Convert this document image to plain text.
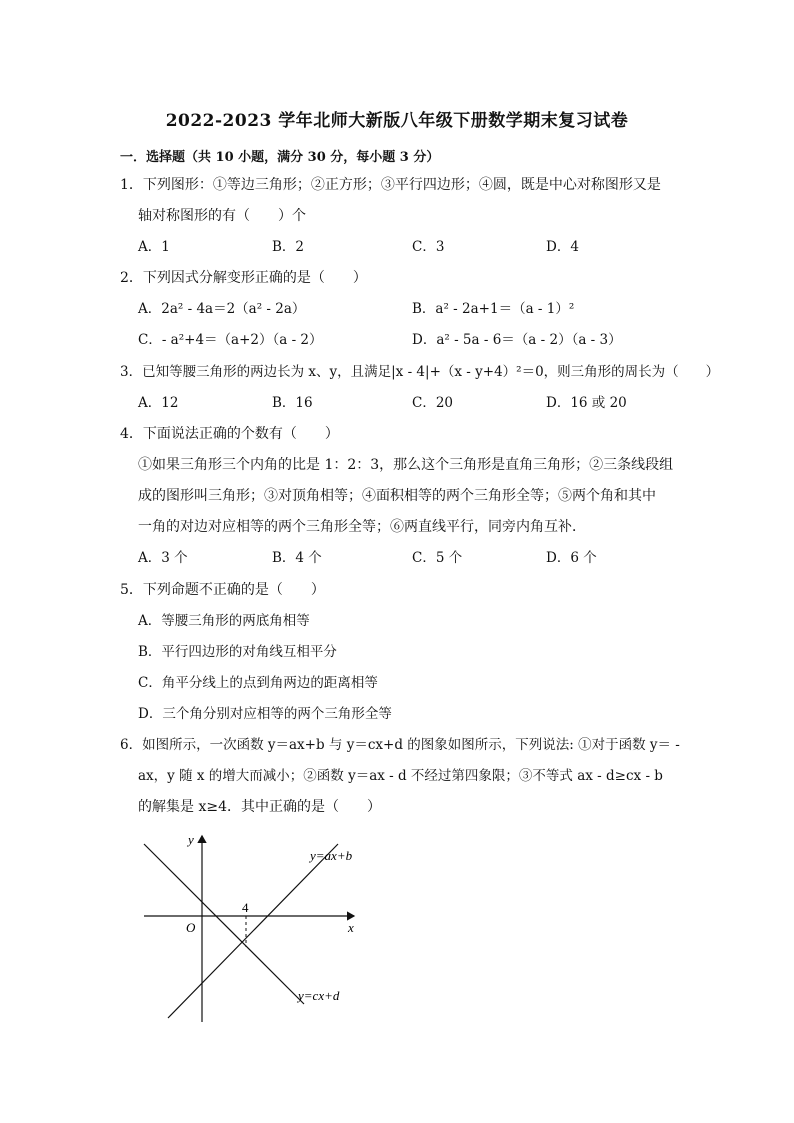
2022-2023 学年北师大新版八年级下册数学期末复习试卷
一．选择题（共 10 小题，满分 30 分，每小题 3 分）
1．下列图形：①等边三角形；②正方形；③平行四边形；④圆，既是中心对称图形又是
轴对称图形的有（　　）个
A．1	B．2	C．3	D．4
2．下列因式分解变形正确的是（　　）
A．2a² - 4a＝2（a² - 2a）	B．a² - 2a+1＝（a - 1）²
C．- a²+4＝（a+2）（a - 2）	D．a² - 5a - 6＝（a - 2）（a - 3）
3．已知等腰三角形的两边长为 x、y，且满足|x - 4|+（x - y+4）²＝0，则三角形的周长为（　　）
A．12	B．16	C．20	D．16 或 20
4．下面说法正确的个数有（　　）
①如果三角形三个内角的比是 1：2：3，那么这个三角形是直角三角形；②三条线段组
成的图形叫三角形；③对顶角相等；④面积相等的两个三角形全等；⑤两个角和其中
一角的对边对应相等的两个三角形全等；⑥两直线平行，同旁内角互补．
A．3 个	B．4 个	C．5 个	D．6 个
5．下列命题不正确的是（　　）
A．等腰三角形的两底角相等
B．平行四边形的对角线互相平分
C．角平分线上的点到角两边的距离相等
D．三个角分别对应相等的两个三角形全等
6．如图所示，一次函数 y＝ax+b 与 y＝cx+d 的图象如图所示，下列说法: ①对于函数 y＝ -
ax，y 随 x 的增大而减小；②函数 y＝ax - d 不经过第四象限；③不等式 ax - d≥cx - b
的解集是 x≥4．其中正确的是（　　）
y
x
O
4
y=ax+b
y=cx+d
